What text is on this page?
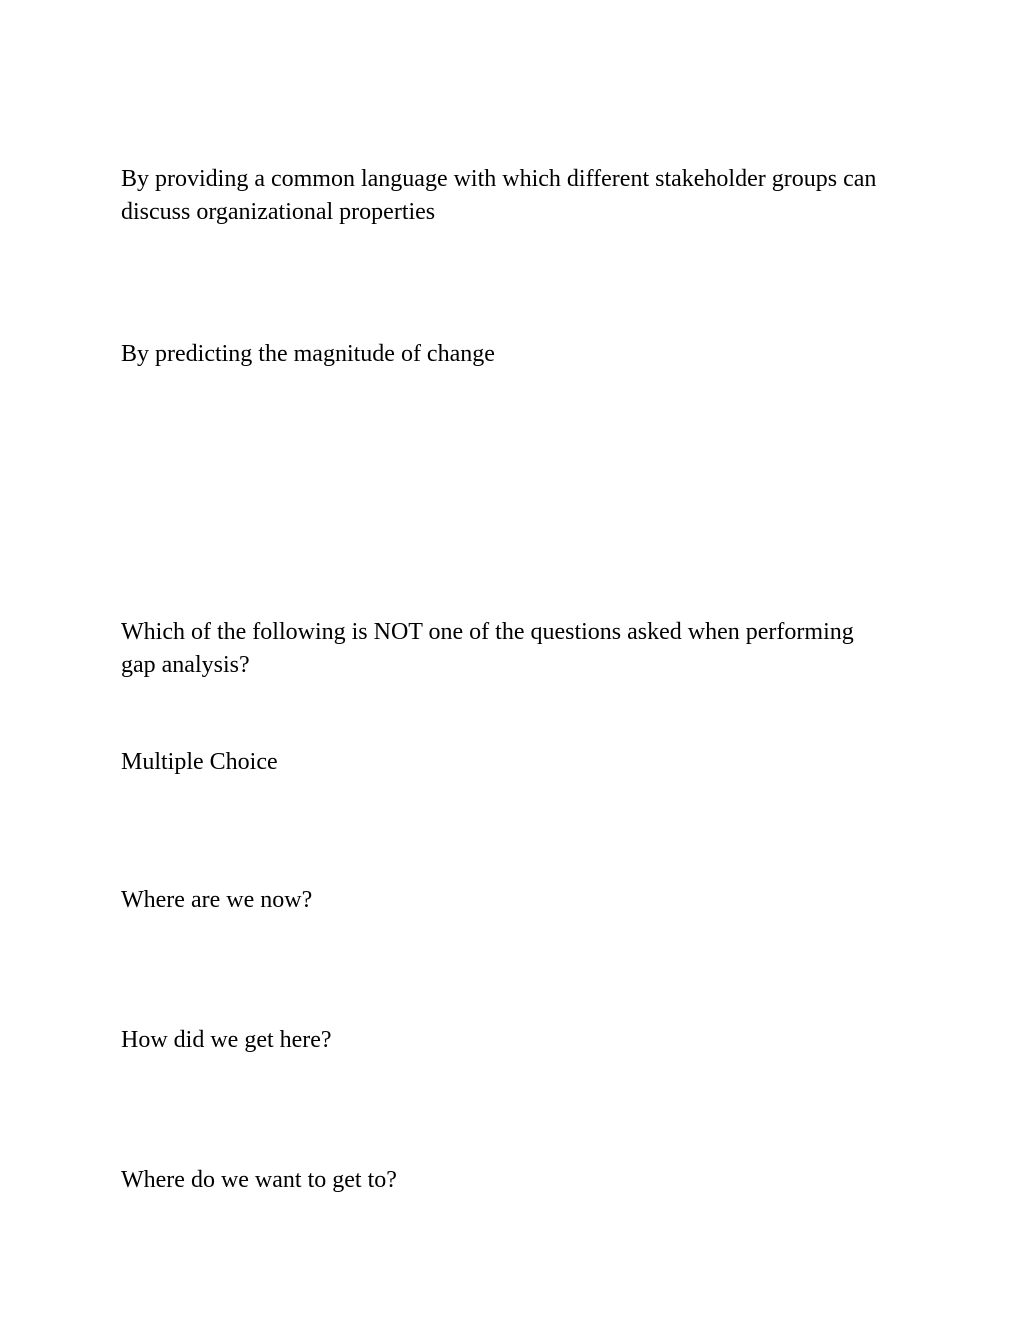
By providing a common language with which different stakeholder groups can discuss organizational properties

By predicting the magnitude of change

Which of the following is NOT one of the questions asked when performing gap analysis?

Multiple Choice

Where are we now?

How did we get here?

Where do we want to get to?
